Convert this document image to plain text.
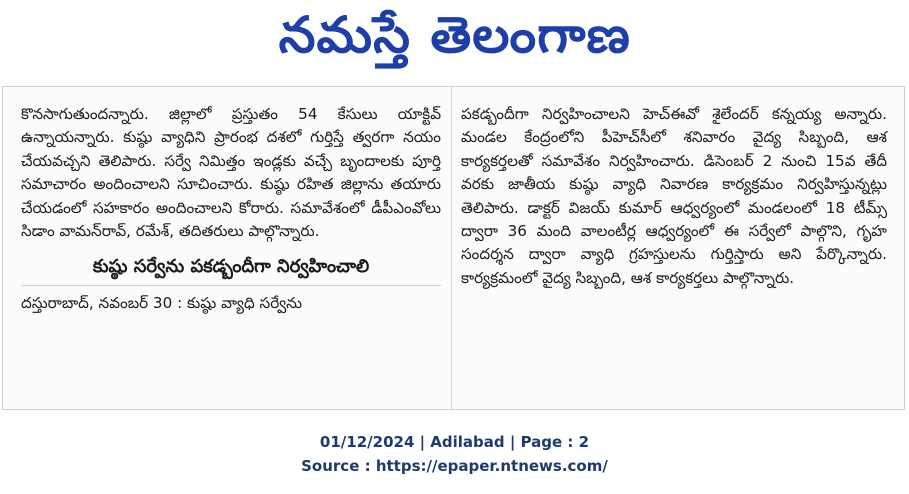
నమస్తే తెలంగాణ

కొనసాగుతుందన్నారు. జిల్లాలో ప్రస్తుతం 54 కేసులు యాక్టివ్ ఉన్నాయన్నారు. కుష్ఠు వ్యాధిని ప్రారంభ దశలో గుర్తిస్తే త్వరగా నయం చేయవచ్చని తెలిపారు. సర్వే నిమిత్తం ఇండ్లకు వచ్చే బృందాలకు పూర్తి సమాచారం అందించాలని సూచించారు. కుష్ఠు రహిత జిల్లాను తయారు చేయడంలో సహకారం అందించాలని కోరారు. సమావేశంలో డీపీఎంవోలు సిడాం వామన్‌రావ్, రమేశ్, తదితరులు పాల్గొన్నారు.

కుష్ఠు సర్వేను పకడ్బందీగా నిర్వహించాలి

దస్తురాబాద్, నవంబర్ 30 : కుష్ఠు వ్యాధి సర్వేను

పకడ్బందీగా నిర్వహించాలని హెచ్‌ఈవో శైలేందర్ కన్నయ్య అన్నారు. మండల కేంద్రంలోని పీహెచ్‌సీలో శనివారం వైద్య సిబ్బంది, ఆశ కార్యకర్తలతో సమావేశం నిర్వహించారు. డిసెంబర్ 2 నుంచి 15వ తేదీ వరకు జాతీయ కుష్ఠు వ్యాధి నివారణ కార్యక్రమం నిర్వహిస్తున్నట్లు తెలిపారు. డాక్టర్ విజయ్ కుమార్ ఆధ్వర్యంలో మండలంలో 18 టీమ్స్ ద్వారా 36 మంది వాలంటీర్ల ఆధ్వర్యంలో ఈ సర్వేలో పాల్గొని, గృహ సందర్శన ద్వారా వ్యాధి గ్రహస్తులను గుర్తిస్తారు అని పేర్కొన్నారు. కార్యక్రమంలో వైద్య సిబ్బంది, ఆశ కార్యకర్తలు పాల్గొన్నారు.

01/12/2024 | Adilabad | Page : 2
Source : https://epaper.ntnews.com/
